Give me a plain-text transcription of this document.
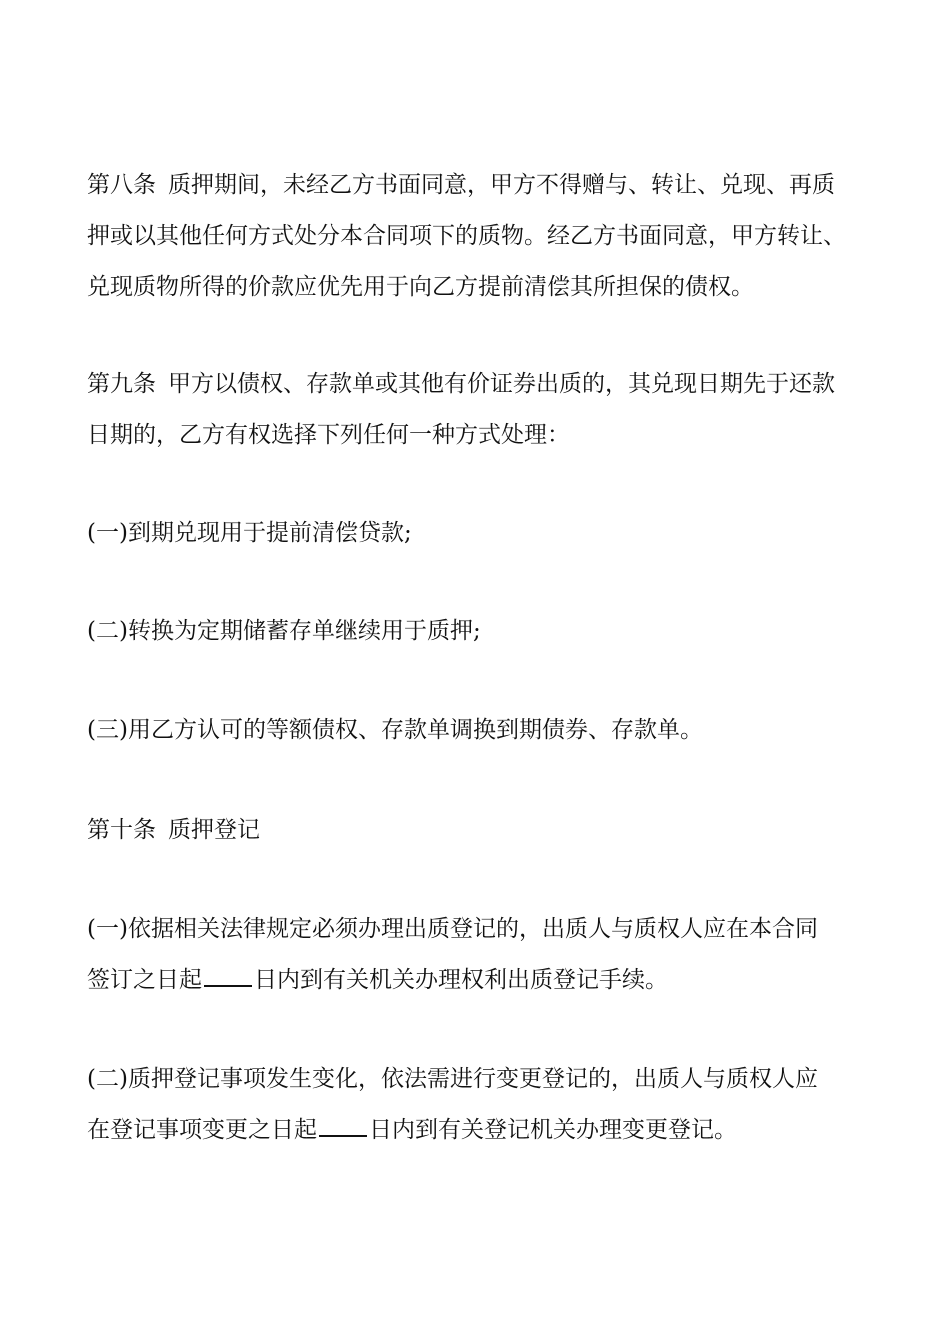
第八条 质押期间，未经乙方书面同意，甲方不得赠与、转让、兑现、再质
押或以其他任何方式处分本合同项下的质物。经乙方书面同意，甲方转让、
兑现质物所得的价款应优先用于向乙方提前清偿其所担保的债权。

第九条 甲方以债权、存款单或其他有价证券出质的，其兑现日期先于还款
日期的，乙方有权选择下列任何一种方式处理：

(一)到期兑现用于提前清偿贷款;

(二)转换为定期储蓄存单继续用于质押;

(三)用乙方认可的等额债权、存款单调换到期债券、存款单。

第十条 质押登记

(一)依据相关法律规定必须办理出质登记的，出质人与质权人应在本合同
签订之日起 日内到有关机关办理权利出质登记手续。

(二)质押登记事项发生变化，依法需进行变更登记的，出质人与质权人应
在登记事项变更之日起 日内到有关登记机关办理变更登记。
